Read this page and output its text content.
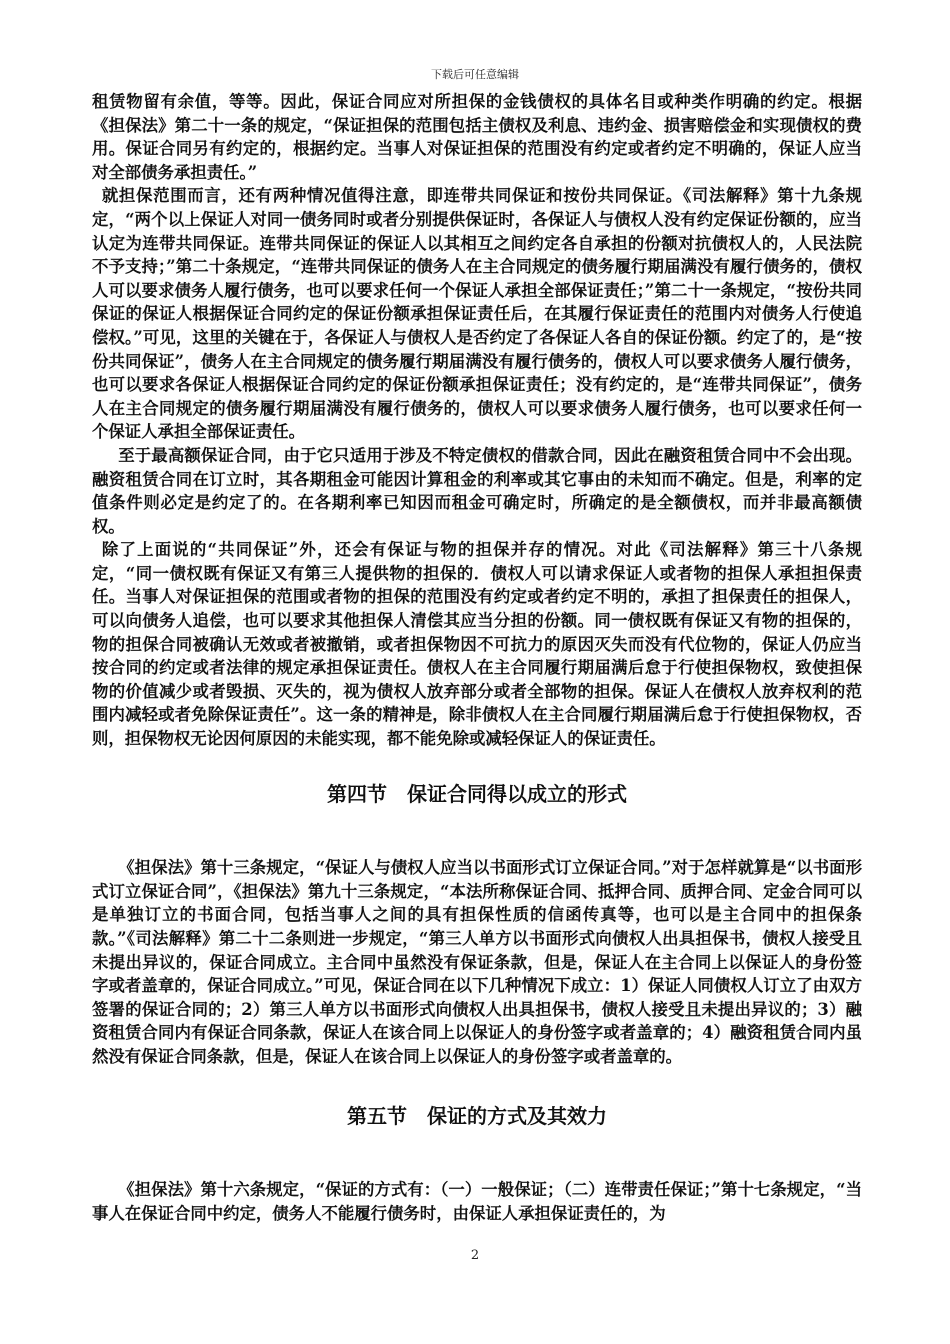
下载后可任意编辑

租赁物留有余值，等等。因此，保证合同应对所担保的金钱债权的具体名目或种类作明确的约定。根据《担保法》第二十一条的规定，“保证担保的范围包括主债权及利息、违约金、损害赔偿金和实现债权的费用。保证合同另有约定的，根据约定。当事人对保证担保的范围没有约定或者约定不明确的，保证人应当对全部债务承担责任。”

就担保范围而言，还有两种情况值得注意，即连带共同保证和按份共同保证。《司法解释》第十九条规定，“两个以上保证人对同一债务同时或者分别提供保证时，各保证人与债权人没有约定保证份额的，应当认定为连带共同保证。连带共同保证的保证人以其相互之间约定各自承担的份额对抗债权人的，人民法院不予支持；”第二十条规定，“连带共同保证的债务人在主合同规定的债务履行期届满没有履行债务的，债权人可以要求债务人履行债务，也可以要求任何一个保证人承担全部保证责任；”第二十一条规定，“按份共同保证的保证人根据保证合同约定的保证份额承担保证责任后，在其履行保证责任的范围内对债务人行使追偿权。”可见，这里的关键在于，各保证人与债权人是否约定了各保证人各自的保证份额。约定了的，是“按份共同保证”，债务人在主合同规定的债务履行期届满没有履行债务的，债权人可以要求债务人履行债务，也可以要求各保证人根据保证合同约定的保证份额承担保证责任；没有约定的，是“连带共同保证”，债务人在主合同规定的债务履行期届满没有履行债务的，债权人可以要求债务人履行债务，也可以要求任何一个保证人承担全部保证责任。

至于最高额保证合同，由于它只适用于涉及不特定债权的借款合同，因此在融资租赁合同中不会出现。融资租赁合同在订立时，其各期租金可能因计算租金的利率或其它事由的未知而不确定。但是，利率的定值条件则必定是约定了的。在各期利率已知因而租金可确定时，所确定的是全额债权，而并非最高额债权。

除了上面说的“共同保证”外，还会有保证与物的担保并存的情况。对此《司法解释》第三十八条规定，“同一债权既有保证又有第三人提供物的担保的．债权人可以请求保证人或者物的担保人承担担保责任。当事人对保证担保的范围或者物的担保的范围没有约定或者约定不明的，承担了担保责任的担保人，可以向债务人追偿，也可以要求其他担保人清偿其应当分担的份额。同一债权既有保证又有物的担保的，物的担保合同被确认无效或者被撤销，或者担保物因不可抗力的原因灭失而没有代位物的，保证人仍应当按合同的约定或者法律的规定承担保证责任。债权人在主合同履行期届满后怠于行使担保物权，致使担保物的价值减少或者毁损、灭失的，视为债权人放弃部分或者全部物的担保。保证人在债权人放弃权利的范围内减轻或者免除保证责任”。这一条的精神是，除非债权人在主合同履行期届满后怠于行使担保物权，否则，担保物权无论因何原因的未能实现，都不能免除或减轻保证人的保证责任。

第四节　保证合同得以成立的形式

《担保法》第十三条规定，“保证人与债权人应当以书面形式订立保证合同。”对于怎样就算是“以书面形式订立保证合同”，《担保法》第九十三条规定，“本法所称保证合同、抵押合同、质押合同、定金合同可以是单独订立的书面合同，包括当事人之间的具有担保性质的信函传真等，也可以是主合同中的担保条款。”《司法解释》第二十二条则进一步规定，“第三人单方以书面形式向债权人出具担保书，债权人接受且未提出异议的，保证合同成立。主合同中虽然没有保证条款，但是，保证人在主合同上以保证人的身份签字或者盖章的，保证合同成立。”可见，保证合同在以下几种情况下成立：1）保证人同债权人订立了由双方签署的保证合同的；2）第三人单方以书面形式向债权人出具担保书，债权人接受且未提出异议的；3）融资租赁合同内有保证合同条款，保证人在该合同上以保证人的身份签字或者盖章的；4）融资租赁合同内虽然没有保证合同条款，但是，保证人在该合同上以保证人的身份签字或者盖章的。

第五节　保证的方式及其效力

《担保法》第十六条规定，“保证的方式有：（一）一般保证；（二）连带责任保证；”第十七条规定，“当事人在保证合同中约定，债务人不能履行债务时，由保证人承担保证责任的，为

2
